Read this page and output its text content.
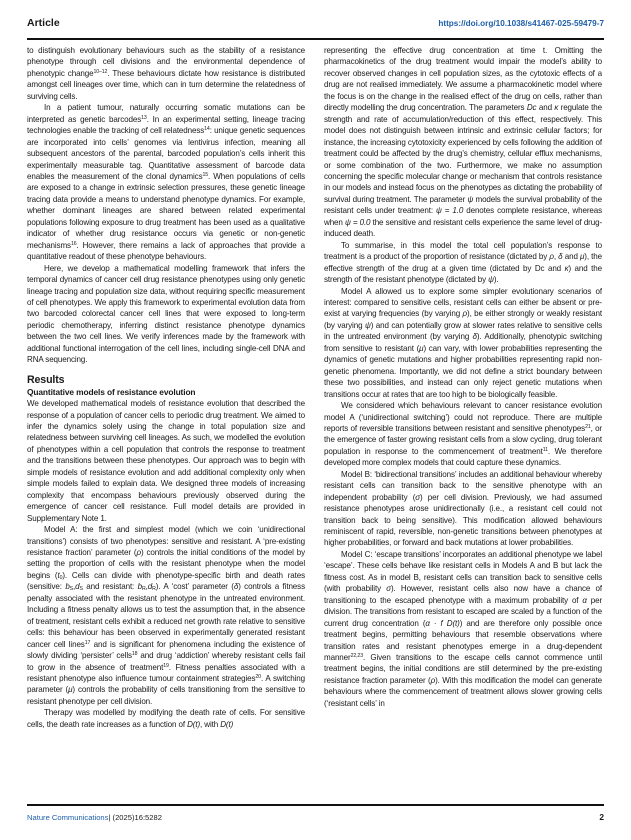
Article	https://doi.org/10.1038/s41467-025-59479-7

to distinguish evolutionary behaviours such as the stability of a resistance phenotype through cell divisions and the environmental dependence of phenotypic change$^{10-12}$. These behaviours dictate how resistance is distributed amongst cell lineages over time, which can in turn determine the relatedness of surviving cells.

In a patient tumour, naturally occurring somatic mutations can be interpreted as genetic barcodes$^{13}$. In an experimental setting, lineage tracing technologies enable the tracking of cell relatedness$^{14}$: unique genetic sequences are incorporated into cells’ genomes via lentivirus infection, meaning all subsequent ancestors of the parental, barcoded population’s cells inherit this experimentally measurable tag. Quantitative assessment of barcode data enables the measurement of the clonal dynamics$^{15}$. When populations of cells are exposed to a change in extrinsic selection pressures, these genetic lineage tracing data provide a means to understand phenotype dynamics. For example, whether dominant lineages are shared between related experimental populations following exposure to drug treatment has been used as a qualitative indicator of whether drug resistance occurs via genetic or non-genetic mechanisms$^{16}$. However, there remains a lack of approaches that provide a quantitative readout of these phenotype behaviours.

Here, we develop a mathematical modelling framework that infers the temporal dynamics of cancer cell drug resistance phenotypes using only genetic lineage tracing and population size data, without requiring specific measurement of cell phenotypes. We apply this framework to experimental evolution data from two barcoded colorectal cancer cell lines that were exposed to long-term periodic chemotherapy, inferring distinct resistance phenotype dynamics between the two cell lines. We verify inferences made by the framework with additional functional interrogation of the cell lines, including single-cell DNA and RNA sequencing.

Results
Quantitative models of resistance evolution

We developed mathematical models of resistance evolution that described the response of a population of cancer cells to periodic drug treatment. We aimed to infer the dynamics solely using the change in total population size and relatedness between surviving cell lineages. As such, we modelled the evolution of phenotypes within a cell population that controls the response to treatment and the transitions between these phenotypes. Our approach was to begin with simple models of resistance evolution and add additional complexity only when simple models failed to explain data. We designed three models of increasing complexity that encompass behaviours previously observed during the emergence of cancer cell resistance. Full model details are provided in Supplementary Note 1.

Model A: the first and simplest model (which we coin ‘unidirectional transitions’) consists of two phenotypes: sensitive and resistant. A ‘pre-existing resistance fraction’ parameter (ρ) controls the initial conditions of the model by setting the proportion of cells with the resistant phenotype when the model begins $(t_0)$. Cells can divide with phenotype-specific birth and death rates (sensitive: $b_S,d_S$ and resistant: $b_R,d_R$). A ‘cost’ parameter (δ) controls a fitness penalty associated with the resistant phenotype in the untreated environment. Including a fitness penalty allows us to test the assumption that, in the absence of treatment, resistant cells exhibit a reduced net growth rate relative to sensitive cells: this behaviour has been observed in experimentally generated resistant cancer cell lines$^{17}$ and is significant for phenomena including the existence of slowly dividing ‘persister’ cells$^{18}$ and drug ‘addiction’ whereby resistant cells fail to grow in the absence of treatment$^{19}$. Fitness penalties associated with a resistant phenotype also influence tumour containment strategies$^{20}$. A switching parameter (μ) controls the probability of cells transitioning from the sensitive to resistant phenotype per cell division.

Therapy was modelled by modifying the death rate of cells. For sensitive cells, the death rate increases as a function of D(t), with D(t)

representing the effective drug concentration at time t. Omitting the pharmacokinetics of the drug treatment would impair the model’s ability to recover observed changes in cell population sizes, as the cytotoxic effects of a drug are not realised immediately. We assume a pharmacokinetic model where the focus is on the change in the realised effect of the drug on cells, rather than directly modelling the drug concentration. The parameters Dc and κ regulate the strength and rate of accumulation/reduction of this effect, respectively. This model does not distinguish between intrinsic and extrinsic cellular factors; for instance, the increasing cytotoxicity experienced by cells following the addition of treatment could be affected by the drug’s chemistry, cellular efflux mechanisms, or some combination of the two. Furthermore, we make no assumption concerning the specific molecular change or mechanism that controls resistance in our models and instead focus on the phenotypes as dictating the probability of survival during treatment. The parameter ψ models the survival probability of the resistant cells under treatment: ψ = 1.0 denotes complete resistance, whereas when ψ = 0.0 the sensitive and resistant cells experience the same level of drug-induced death.

To summarise, in this model the total cell population’s response to treatment is a product of the proportion of resistance (dictated by ρ, δ and μ), the effective strength of the drug at a given time (dictated by Dc and κ) and the strength of the resistant phenotype (dictated by ψ).

Model A allowed us to explore some simpler evolutionary scenarios of interest: compared to sensitive cells, resistant cells can either be absent or pre-exist at varying frequencies (by varying ρ), be either strongly or weakly resistant (by varying ψ) and can potentially grow at slower rates relative to sensitive cells in the untreated environment (by varying δ). Additionally, phenotypic switching from sensitive to resistant (μ) can vary, with lower probabilities representing the dynamics of genetic mutations and higher probabilities representing rapid non-genetic phenomena. Importantly, we did not define a strict boundary between these two possibilities, and instead can only reject genetic mutations when transitions occur at rates that are too high to be biologically feasible.

We considered which behaviours relevant to cancer resistance evolution model A (‘unidirectional switching’) could not reproduce. There are multiple reports of reversible transitions between resistant and sensitive phenotypes$^{21}$, or the emergence of faster growing resistant cells from a slow cycling, drug tolerant population in response to the commencement of treatment$^{11}$. We therefore developed more complex models that could capture these dynamics.

Model B: ‘bidirectional transitions’ includes an additional behaviour whereby resistant cells can transition back to the sensitive phenotype with an independent probability (σ) per cell division. Previously, we had assumed resistance phenotypes arose unidirectionally (i.e., a resistant cell could not transition back to being sensitive). This modification allowed behaviours reminiscent of rapid, reversible, non-genetic transitions between phenotypes at higher probabilities, or forward and back mutations at lower probabilities.

Model C: ‘escape transitions’ incorporates an additional phenotype we label ‘escape’. These cells behave like resistant cells in Models A and B but lack the fitness cost. As in model B, resistant cells can transition back to sensitive cells (with probability σ). However, resistant cells also now have a chance of transitioning to the escaped phenotype with a maximum probability of α per division. The transitions from resistant to escaped are scaled by a function of the current drug concentration (α · f D(t)) and are therefore only possible once treatment begins, permitting behaviours that resemble observations where transition rates and resistant phenotypes emerge in a drug-dependent manner$^{22,23}$. Given transitions to the escape cells cannot commence until treatment begins, the initial conditions are still determined by the pre-existing resistance fraction parameter (ρ). With this modification the model can generate behaviours where the commencement of treatment allows slower growing cells (‘resistant cells’ in

Nature Communications| (2025)16:5282	2
